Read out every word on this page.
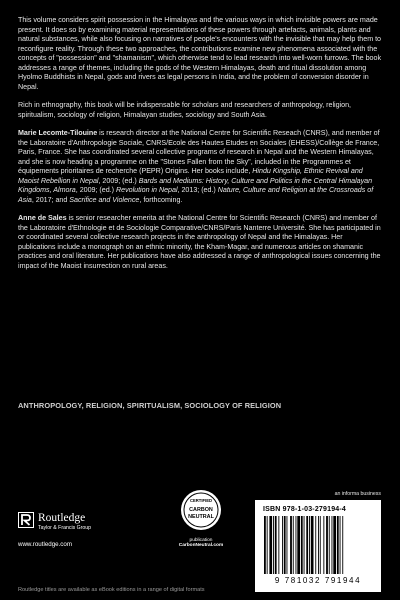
This volume considers spirit possession in the Himalayas and the various ways in which invisible powers are made present. It does so by examining material representations of these powers through artefacts, animals, plants and natural substances, while also focusing on narratives of people's encounters with the invisible that may help them to reconfigure reality. Through these two approaches, the contributions examine new phenomena associated with the concepts of "possession" and "shamanism", which otherwise tend to lead research into well-worn furrows. The book addresses a range of themes, including the gods of the Western Himalayas, death and ritual dissolution among Hyolmo Buddhists in Nepal, gods and rivers as legal persons in India, and the problem of conversion disorder in Nepal.

Rich in ethnography, this book will be indispensable for scholars and researchers of anthropology, religion, spiritualism, sociology of religion, Himalayan studies, sociology and South Asia.

Marie Lecomte-Tilouine is research director at the National Centre for Scientific Reseach (CNRS), and member of the Laboratoire d'Anthropologie Sociale, CNRS/Ecole des Hautes Etudes en Sociales (EHESS)/Collège de France, Paris, France. She has coordinated several collective programs of research in Nepal and the Western Himalayas, and she is now heading a programme on the "Stones Fallen from the Sky", included in the Programmes et équipements prioritaires de recherche (PEPR) Origins. Her books include, Hindu Kingship, Ethnic Revival and Maoist Rebellion in Nepal, 2009; (ed.) Bards and Mediums: History, Culture and Politics in the Central Himalayan Kingdoms, Almora, 2009; (ed.) Revolution in Nepal, 2013; (ed.) Nature, Culture and Religion at the Crossroads of Asia, 2017; and Sacrifice and Violence, forthcoming.

Anne de Sales is senior researcher emerita at the National Centre for Scientific Research (CNRS) and member of the Laboratoire d'Ethnologie et de Sociologie Comparative/CNRS/Paris Nanterre Université. She has participated in or coordinated several collective research projects in the anthropology of Nepal and the Himalayas. Her publications include a monograph on an ethnic minority, the Kham-Magar, and numerous articles on shamanic practices and oral literature. Her publications have also addressed a range of anthropological issues concerning the impact of the Maoist insurrection on rural areas.

ANTHROPOLOGY, RELIGION, SPIRITUALISM, SOCIOLOGY OF RELIGION
Routledge
Taylor & Francis Group
www.routledge.com
Routledge titles are available as eBook editions in a range of digital formats
CERTIFIED
CARBON
NEUTRAL	®
publication
CarbonNeutral.com
an informa business
ISBN 978-1-03-279194-4
9 781032 791944
